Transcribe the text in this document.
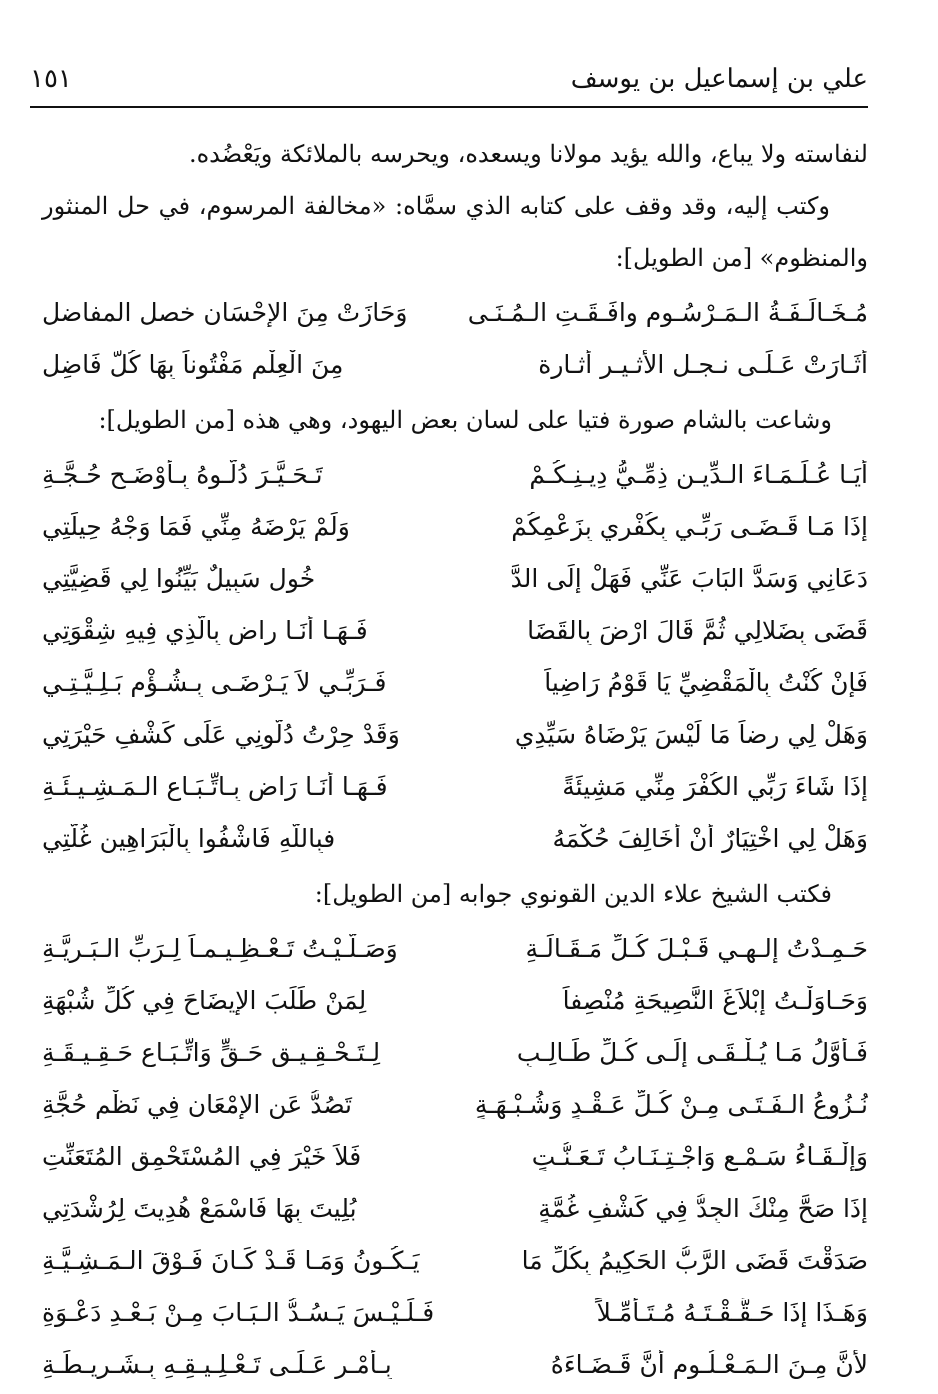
علي بن إسماعيل بن يوسف
١٥١

لنفاسته ولا يباع، والله يؤيد مولانا ويسعده، ويحرسه بالملائكة ويَعْضُده.

وكتب إليه، وقد وقف على كتابه الذي سمَّاه: «مخالفة المرسوم، في حل المنثور والمنظوم» [من الطويل]:

مُـخَـالَـفَـةُ الـمَـرْسُـومِ وافَـقَـتِ الـمُـنَـى
وَحَازَتْ مِنَ الإحْسَانِ خصل المفاضلِ
أَثَـارَتْ عَـلَـى نـجـل الأثـيـر أثـارة
مِنَ الْعِلْمِ مَفْتُوناً بِهَا كُلُّ فَاضِلِ

وشاعت بالشام صورة فتيا على لسان بعض اليهود، وهي هذه [من الطويل]:

أَيَـا عُـلَـمَـاءَ الـدِّيـنِ ذِمِّـيُّ دِيـنِـكُـمْ
تَـحَـيَّـرَ دُلُّـوهُ بِـأَوْضَـحِ حُـجَّـةِ
إِذَا مَـا قَـضَـى رَبِّـي بِكُفْرِي بِزَعْمِكُمْ
وَلَمْ يَرْضَهُ مِنِّي فَمَا وَجْهُ حِيلَتِي
دَعَانِي وَسَدَّ البَابَ عَنِّي فَهَلْ إِلَى الدَّ
خُولِ سَبِيلٌ بَيِّنُوا لِي قَضِيَّتِي
قَضَى بِضَلالِي ثُمَّ قَالَ ارْضَ بِالقَضَا
فَـهَـا أَنَـا راضٍ بِالَّذِي فِيهِ شِقْوَتِي
فَإِنْ كُنْتُ بِالْمَقْضِيِّ يَا قَوْمُ رَاضِياً
فَـرَبِّـي لاَ يَـرْضَـى بِـشُـؤْمِ بَـلِـيَّـتِـي
وَهَلْ لِي رِضاً مَا لَيْسَ يَرْضَاهُ سَيِّدِي
وَقَدْ حِرْتُ دُلُّونِي عَلَى كَشْفِ حَيْرَتِي
إِذَا شَاءَ رَبِّي الكُفْرَ مِنِّي مَشِيئَةً
فَـهَـا أَنَـا رَاضٍ بِـاتِّـبَـاعِ الـمَـشِـيـئَـةِ
وَهَلْ لِي اخْتِيَارٌ أَنْ أُخَالِفَ حُكْمَهُ
فبِاللَّهِ فَاشْفُوا بِالْبَرَاهِينِ غُلَّتِي

فكتب الشيخ علاء الدين القونوي جوابه [من الطويل]:

حَـمِـدْتُ إِلـهِـي قَـبْـلَ كُـلِّ مَـقَـالَـةِ
وَصَـلَّـيْـتُ تَـعْـظِـيـمـاً لِـرَبِّ الـبَـرِيَّـةِ
وَحَـاوَلْـتُ إِبْلاَغَ النَّصِيحَةِ مُنْصِفاً
لِمَنْ طَلَبَ الإِيضَاحَ فِي كُلِّ شُبْهَةِ
فَـأَوَّلُ مَـا يُـلْـقَـى إِلَـى كُـلِّ طَـالِـبٍ
لِـتَـحْـقِـيـقِ حَـقٍّ وَاتِّـبَـاعِ حَـقِـيـقَـةِ
نُـزُوعُ الـفَـتَـى مِـنْ كُـلِّ عَـقْـدٍ وَشُـبْـهَـةٍ
تَصُدُّ عَنِ الإِمْعَانِ فِي نَظْمِ حُجَّةِ
وَإِلْـقَـاءُ سَـمْـعٍ وَاجْـتِـنَـابُ تَـعَـنُّـتٍ
فَلاَ خَيْرَ فِي المُسْتَحْمِقِ المُتَعَنِّتِ
إِذَا صَحَّ مِنْكَ الجِدُّ فِي كَشْفِ غُمَّةٍ
بُلِيتَ بِهَا فَاسْمَعْ هُدِيتَ لِرُشْدَتِي
صَدَقْتَ قَضَى الرَّبُّ الحَكِيمُ بِكُلِّ مَا
يَـكُـونُ وَمَـا قَـدْ كَـانَ فَـوْقَ الـمَـشِـيَّـةِ
وَهَـذَا إِذَا حَـقَّـقْـتَـهُ مُـتَـأَمِّـلاً
فَـلَـيْـسَ يَـسُـدُّ الـبَـابَ مِـنْ بَـعْـدِ دَعْـوَةِ
لأَنَّ مِـنَ الـمَـعْـلُـومِ أَنَّ قَـضَـاءَهُ
بِـأَمْـرٍ عَـلَـى تَـعْـلِـيـقِـهِ بِـشَـرِيـطَـةِ
